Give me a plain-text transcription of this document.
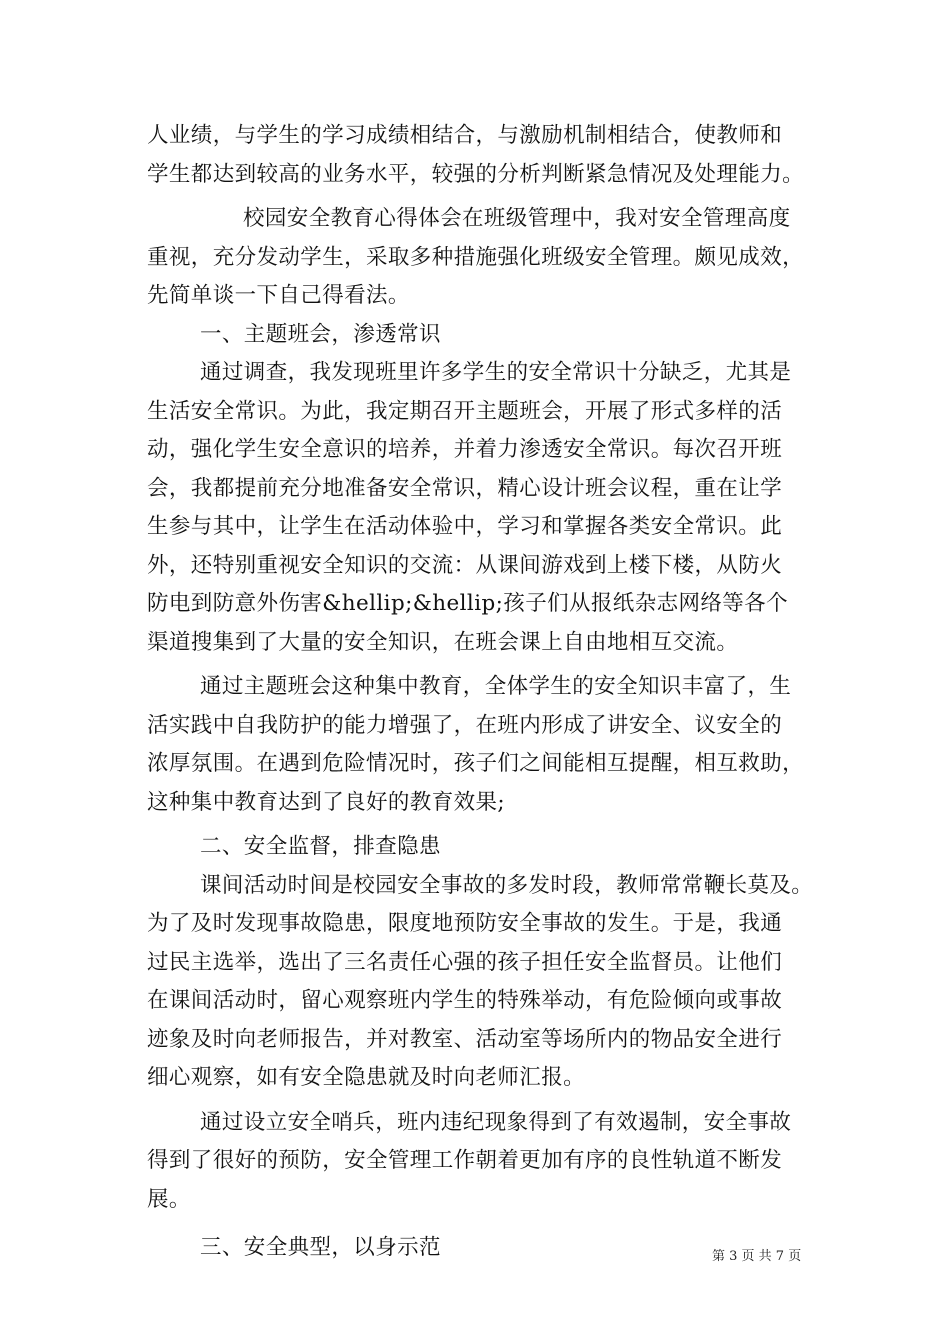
人业绩，与学生的学习成绩相结合，与激励机制相结合，使教师和
学生都达到较高的业务水平，较强的分析判断紧急情况及处理能力。
校园安全教育心得体会在班级管理中，我对安全管理高度
重视，充分发动学生，采取多种措施强化班级安全管理。颇见成效，
先简单谈一下自己得看法。
一、主题班会，渗透常识
通过调查，我发现班里许多学生的安全常识十分缺乏，尤其是
生活安全常识。为此，我定期召开主题班会，开展了形式多样的活
动，强化学生安全意识的培养，并着力渗透安全常识。每次召开班
会，我都提前充分地准备安全常识，精心设计班会议程，重在让学
生参与其中，让学生在活动体验中，学习和掌握各类安全常识。此
外，还特别重视安全知识的交流：从课间游戏到上楼下楼，从防火
防电到防意外伤害&hellip;&hellip;孩子们从报纸杂志网络等各个
渠道搜集到了大量的安全知识，在班会课上自由地相互交流。
通过主题班会这种集中教育，全体学生的安全知识丰富了，生
活实践中自我防护的能力增强了，在班内形成了讲安全、议安全的
浓厚氛围。在遇到危险情况时，孩子们之间能相互提醒，相互救助，
这种集中教育达到了良好的教育效果;
二、安全监督，排查隐患
课间活动时间是校园安全事故的多发时段，教师常常鞭长莫及。
为了及时发现事故隐患，限度地预防安全事故的发生。于是，我通
过民主选举，选出了三名责任心强的孩子担任安全监督员。让他们
在课间活动时，留心观察班内学生的特殊举动，有危险倾向或事故
迹象及时向老师报告，并对教室、活动室等场所内的物品安全进行
细心观察，如有安全隐患就及时向老师汇报。
通过设立安全哨兵，班内违纪现象得到了有效遏制，安全事故
得到了很好的预防，安全管理工作朝着更加有序的良性轨道不断发
展。
三、安全典型，以身示范	第 3 页 共 7 页
